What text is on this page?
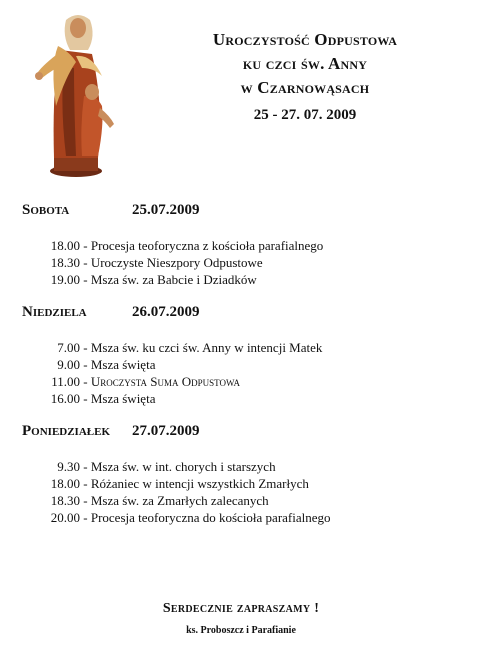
Uroczystość Odpustowa
ku czci św. Anny
w Czarnowąsach
25 - 27. 07. 2009
Sobota	25.07.2009
18.00 - Procesja teoforyczna z kościoła parafialnego
18.30 - Uroczyste Nieszpory Odpustowe
19.00 - Msza św. za Babcie i Dziadków
Niedziela	26.07.2009
7.00 - Msza św. ku czci św. Anny w intencji Matek
9.00 - Msza święta
11.00 - Uroczysta Suma Odpustowa
16.00 - Msza święta
Poniedziałek 27.07.2009
9.30 - Msza św. w int. chorych i starszych
18.00 - Różaniec w intencji wszystkich Zmarłych
18.30 - Msza św. za Zmarłych zalecanych
20.00 - Procesja teoforyczna do kościoła parafialnego
Serdecznie zapraszamy !
ks. Proboszcz i Parafianie
